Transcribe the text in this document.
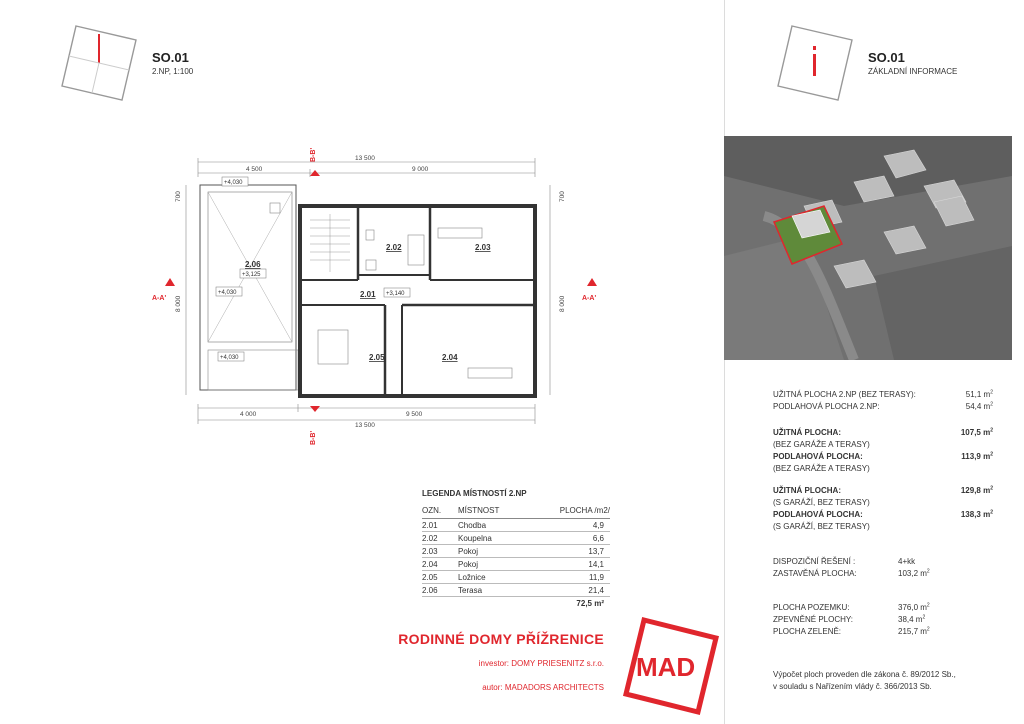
SO.01
2.NP, 1:100
SO.01
ZÁKLADNÍ INFORMACE
13 500
4 500	9 000
4 000	9 500
13 500
700
8 000	8 000
700
2.01
2.02	2.03
2.04
2.05
2.06
+4,030
+3,125
+4,030	+3,140
+4,030
B-B'
B-B'
A-A'	A-A'
LEGENDA MÍSTNOSTÍ 2.NP
OZN.	MÍSTNOST	PLOCHA /m2/
2.01	Chodba	4,9
2.02	Koupelna	6,6
2.03	Pokoj	13,7
2.04	Pokoj	14,1
2.05	Ložnice	11,9
2.06	Terasa	21,4
		72,5 m²
RODINNÉ DOMY PŘÍŽRENICE
investor: DOMY PRIESENITZ s.r.o.
autor: MADADORS ARCHITECTS
MAD
UŽITNÁ PLOCHA 2.NP (BEZ TERASY):	51,1 $m^2$
PODLAHOVÁ PLOCHA 2.NP:	54,4 $m^2$
UŽITNÁ PLOCHA:	107,5 $m^2$
(BEZ GARÁŽE A TERASY)
PODLAHOVÁ PLOCHA:	113,9 $m^2$
(BEZ GARÁŽE A TERASY)
UŽITNÁ PLOCHA:	129,8 $m^2$
(S GARÁŽÍ, BEZ TERASY)
PODLAHOVÁ PLOCHA:	138,3 $m^2$
(S GARÁŽÍ, BEZ TERASY)
DISPOZIČNÍ ŘEŠENÍ :	4+kk
ZASTAVĚNÁ PLOCHA:	103,2 $m^2$
PLOCHA POZEMKU:	376,0 $m^2$
ZPEVNĚNÉ PLOCHY:	38,4 $m^2$
PLOCHA ZELENĚ:	215,7 $m^2$
Výpočet ploch proveden dle zákona č. 89/2012 Sb.,
v souladu s Nařízením vlády č. 366/2013 Sb.
